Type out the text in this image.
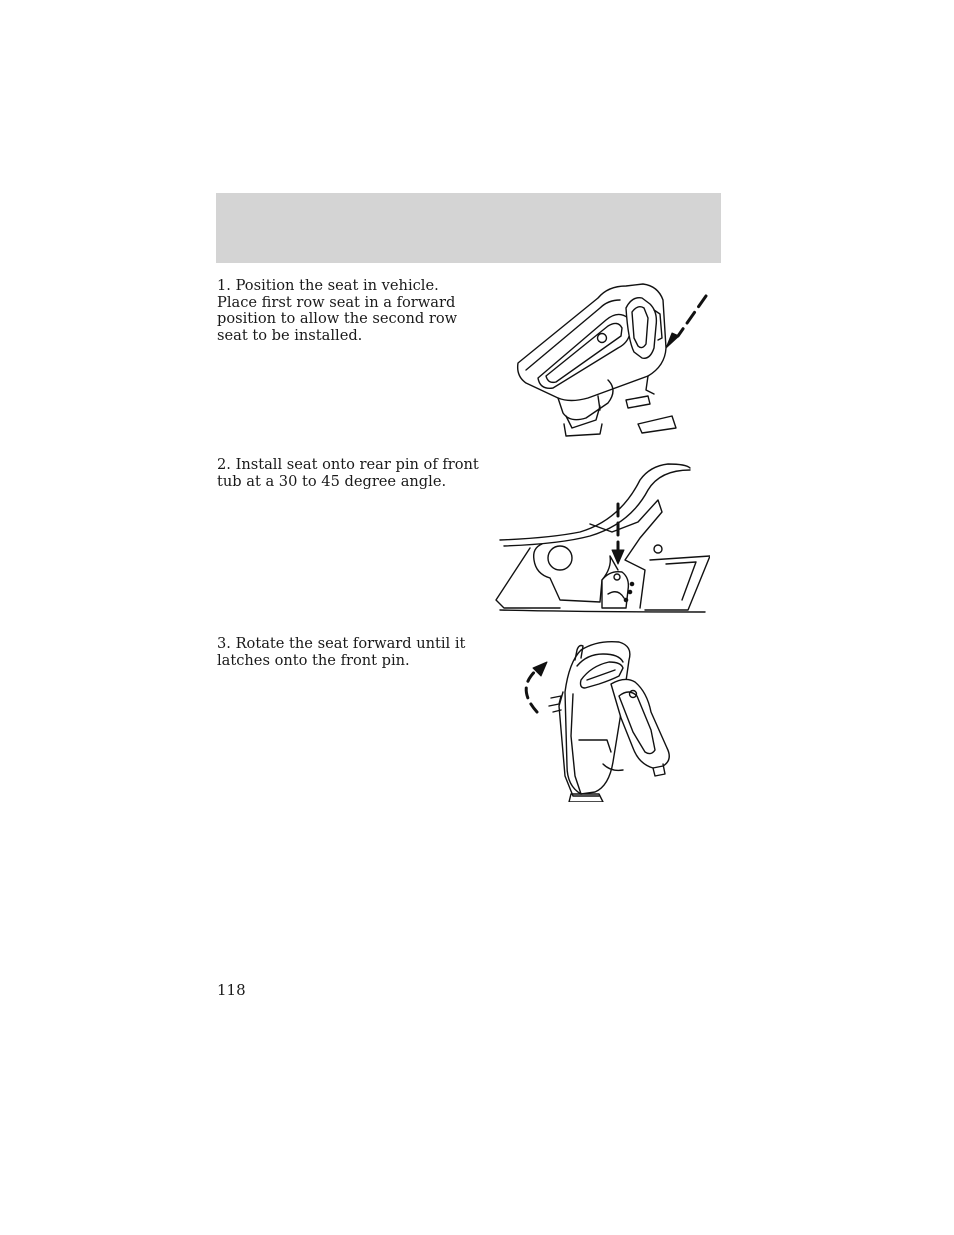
1. Position the seat in vehicle. Place first row seat in a forward position to allow the second row seat to be installed.
2. Install seat onto rear pin of front tub at a 30 to 45 degree angle.
3. Rotate the seat forward until it latches onto the front pin.
118
